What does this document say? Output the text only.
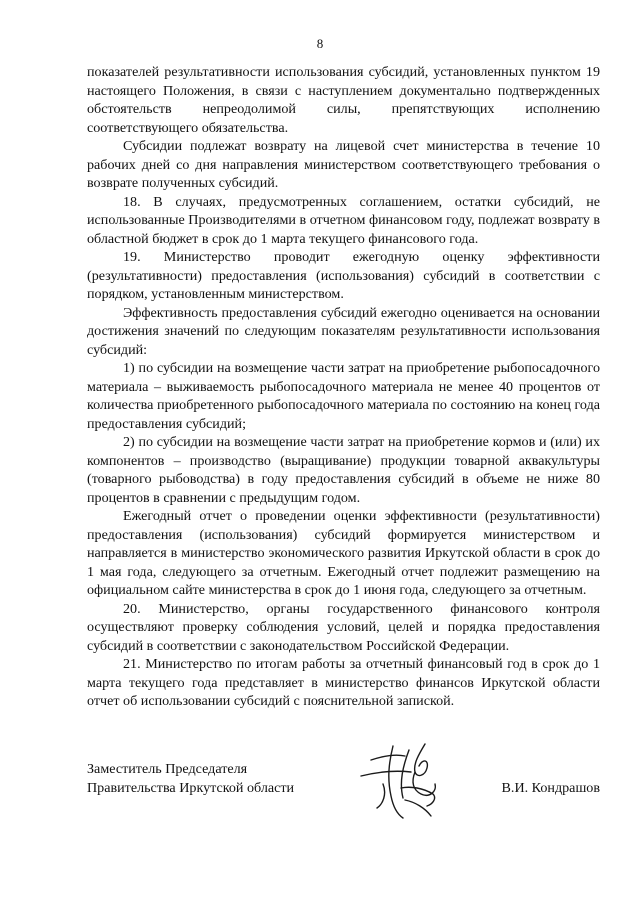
8

показателей результативности использования субсидий, установленных пунктом 19 настоящего Положения, в связи с наступлением документально подтвержденных обстоятельств непреодолимой силы, препятствующих исполнению соответствующего обязательства.

Субсидии подлежат возврату на лицевой счет министерства в течение 10 рабочих дней со дня направления министерством соответствующего требования о возврате полученных субсидий.

18. В случаях, предусмотренных соглашением, остатки субсидий, не использованные Производителями в отчетном финансовом году, подлежат возврату в областной бюджет в срок до 1 марта текущего финансового года.

19. Министерство проводит ежегодную оценку эффективности (результативности) предоставления (использования) субсидий в соответствии с порядком, установленным министерством.

Эффективность предоставления субсидий ежегодно оценивается на основании достижения значений по следующим показателям результативности использования субсидий:

1) по субсидии на возмещение части затрат на приобретение рыбопосадочного материала – выживаемость рыбопосадочного материала не менее 40 процентов от количества приобретенного рыбопосадочного материала по состоянию на конец года предоставления субсидий;

2) по субсидии на возмещение части затрат на приобретение кормов и (или) их компонентов – производство (выращивание) продукции товарной аквакультуры (товарного рыбоводства) в году предоставления субсидий в объеме не ниже 80 процентов в сравнении с предыдущим годом.

Ежегодный отчет о проведении оценки эффективности (результативности) предоставления (использования) субсидий формируется министерством и направляется в министерство экономического развития Иркутской области в срок до 1 мая года, следующего за отчетным. Ежегодный отчет подлежит размещению на официальном сайте министерства в срок до 1 июня года, следующего за отчетным.

20. Министерство, органы государственного финансового контроля осуществляют проверку соблюдения условий, целей и порядка предоставления субсидий в соответствии с законодательством Российской Федерации.

21. Министерство по итогам работы за отчетный финансовый год в срок до 1 марта текущего года представляет в министерство финансов Иркутской области отчет об использовании субсидий с пояснительной запиской.

Заместитель Председателя
Правительства Иркутской области	В.И. Кондрашов
